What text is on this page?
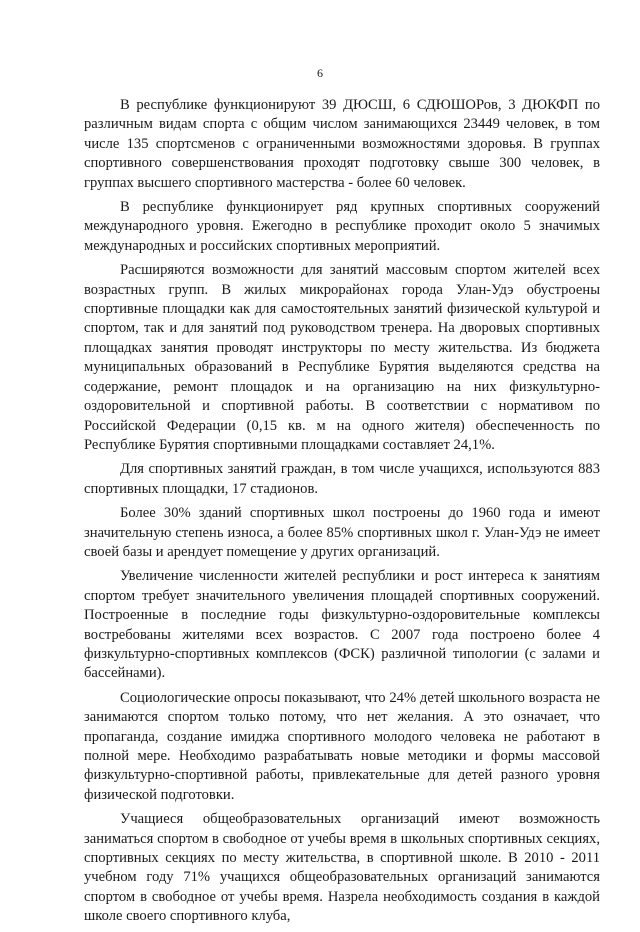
6

В республике функционируют 39 ДЮСШ, 6 СДЮШОРов, 3 ДЮКФП по различным видам спорта с общим числом занимающихся 23449 человек, в том числе 135 спортсменов с ограниченными возможностями здоровья. В группах спортивного совершенствования проходят подготовку свыше 300 человек, в группах высшего спортивного мастерства - более 60 человек.

В республике функционирует ряд крупных спортивных сооружений международного уровня. Ежегодно в республике проходит около 5 значимых международных и российских спортивных мероприятий.

Расширяются возможности для занятий массовым спортом жителей всех возрастных групп. В жилых микрорайонах города Улан-Удэ обустроены спортивные площадки как для самостоятельных занятий физической культурой и спортом, так и для занятий под руководством тренера. На дворовых спортивных площадках занятия проводят инструкторы по месту жительства. Из бюджета муниципальных образований в Республике Бурятия выделяются средства на содержание, ремонт площадок и на организацию на них физкультурно-оздоровительной и спортивной работы. В соответствии с нормативом по Российской Федерации (0,15 кв. м на одного жителя) обеспеченность по Республике Бурятия спортивными площадками составляет 24,1%.

Для спортивных занятий граждан, в том числе учащихся, используются 883 спортивных площадки, 17 стадионов.

Более 30% зданий спортивных школ построены до 1960 года и имеют значительную степень износа, а более 85% спортивных школ г. Улан-Удэ не имеет своей базы и арендует помещение у других организаций.

Увеличение численности жителей республики и рост интереса к занятиям спортом требует значительного увеличения площадей спортивных сооружений. Построенные в последние годы физкультурно-оздоровительные комплексы востребованы жителями всех возрастов. С 2007 года построено более 4 физкультурно-спортивных комплексов (ФСК) различной типологии (с залами и бассейнами).

Социологические опросы показывают, что 24% детей школьного возраста не занимаются спортом только потому, что нет желания. А это означает, что пропаганда, создание имиджа спортивного молодого человека не работают в полной мере. Необходимо разрабатывать новые методики и формы массовой физкультурно-спортивной работы, привлекательные для детей разного уровня физической подготовки.

Учащиеся общеобразовательных организаций имеют возможность заниматься спортом в свободное от учебы время в школьных спортивных секциях, спортивных секциях по месту жительства, в спортивной школе. В 2010 - 2011 учебном году 71% учащихся общеобразовательных организаций занимаются спортом в свободное от учебы время. Назрела необходимость создания в каждой школе своего спортивного клуба,
